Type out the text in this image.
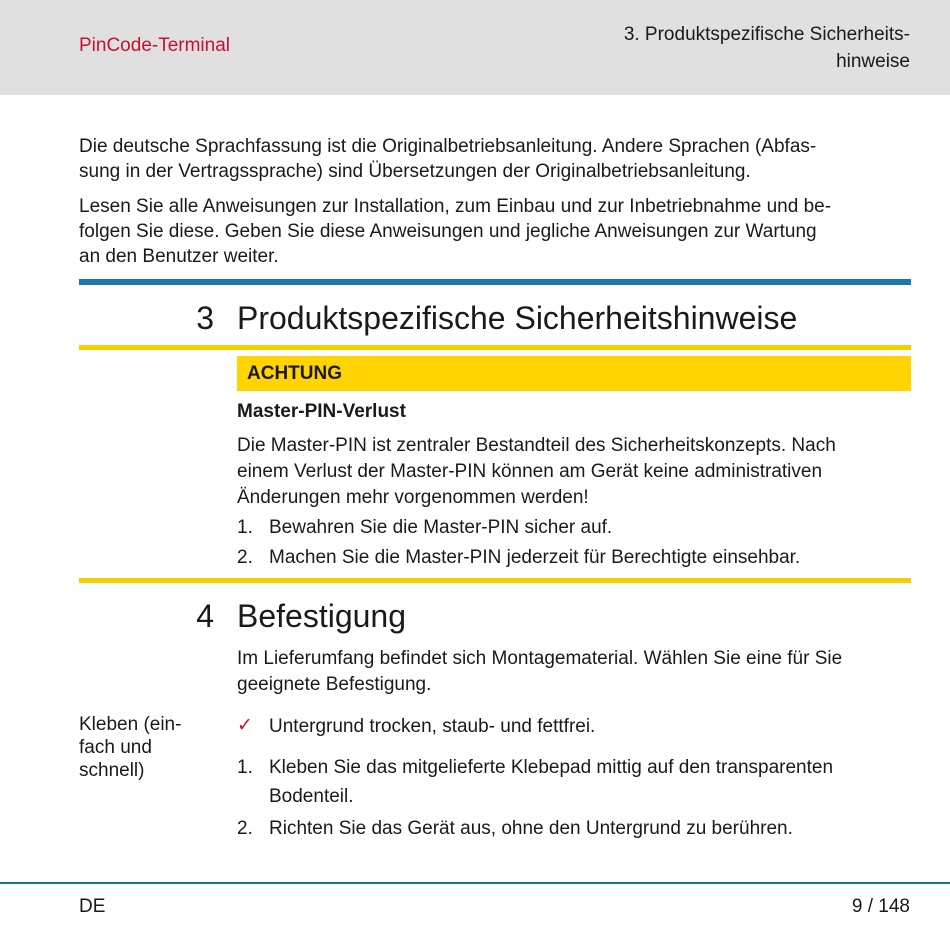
PinCode-Terminal
3. Produktspezifische Sicherheits-
hinweise
Die deutsche Sprachfassung ist die Originalbetriebsanleitung. Andere Sprachen (Abfas-
sung in der Vertragssprache) sind Übersetzungen der Originalbetriebsanleitung.
Lesen Sie alle Anweisungen zur Installation, zum Einbau und zur Inbetriebnahme und be-
folgen Sie diese. Geben Sie diese Anweisungen und jegliche Anweisungen zur Wartung
an den Benutzer weiter.
3 Produktspezifische Sicherheitshinweise
ACHTUNG
Master-PIN-Verlust
Die Master-PIN ist zentraler Bestandteil des Sicherheitskonzepts. Nach
einem Verlust der Master-PIN können am Gerät keine administrativen
Änderungen mehr vorgenommen werden!
1. Bewahren Sie die Master-PIN sicher auf.
2. Machen Sie die Master-PIN jederzeit für Berechtigte einsehbar.
4 Befestigung
Im Lieferumfang befindet sich Montagematerial. Wählen Sie eine für Sie
geeignete Befestigung.
Kleben (ein-
fach und
schnell)
✓ Untergrund trocken, staub- und fettfrei.
1. Kleben Sie das mitgelieferte Klebepad mittig auf den transparenten
Bodenteil.
2. Richten Sie das Gerät aus, ohne den Untergrund zu berühren.
DE	9 / 148
